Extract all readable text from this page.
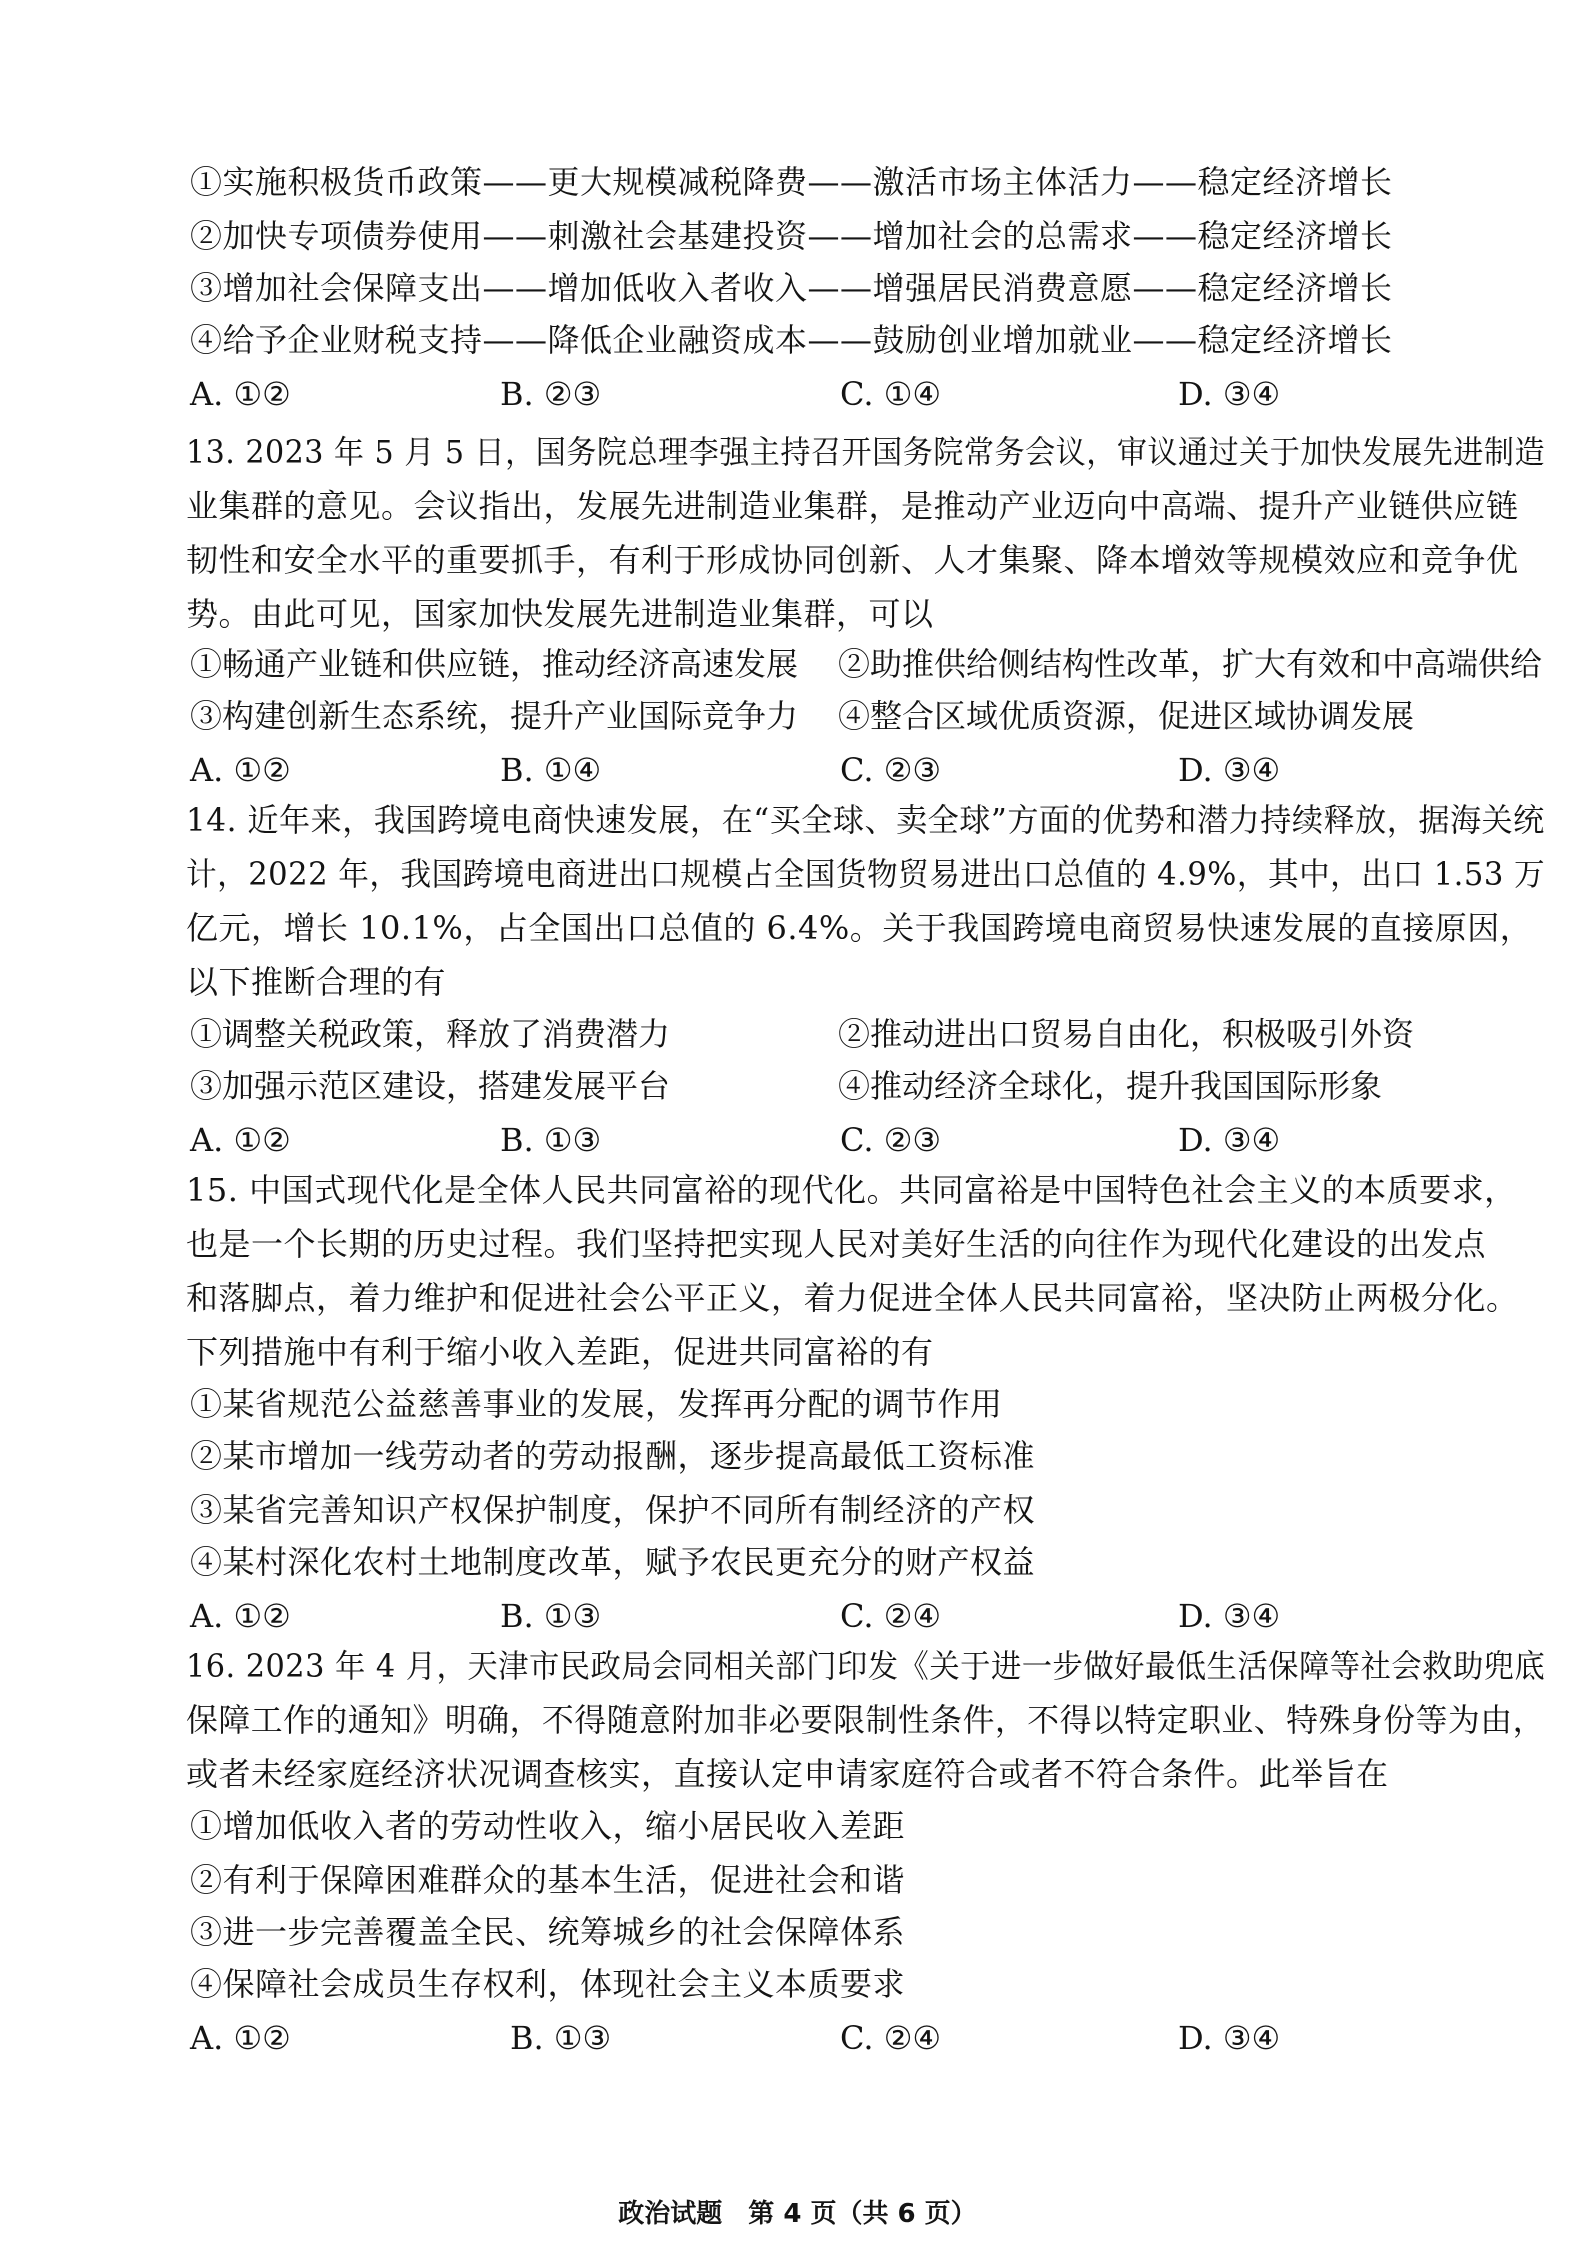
①实施积极货币政策——更大规模减税降费——激活市场主体活力——稳定经济增长
②加快专项债券使用——刺激社会基建投资——增加社会的总需求——稳定经济增长
③增加社会保障支出——增加低收入者收入——增强居民消费意愿——稳定经济增长
④给予企业财税支持——降低企业融资成本——鼓励创业增加就业——稳定经济增长
A. ①②	B. ②③	C. ①④	D. ③④
13. 2023 年 5 月 5 日，国务院总理李强主持召开国务院常务会议，审议通过关于加快发展先进制造
业集群的意见。会议指出，发展先进制造业集群，是推动产业迈向中高端、提升产业链供应链
韧性和安全水平的重要抓手，有利于形成协同创新、人才集聚、降本增效等规模效应和竞争优
势。由此可见，国家加快发展先进制造业集群，可以
①畅通产业链和供应链，推动经济高速发展 ②助推供给侧结构性改革，扩大有效和中高端供给
③构建创新生态系统，提升产业国际竞争力 ④整合区域优质资源，促进区域协调发展
A. ①②	B. ①④	C. ②③	D. ③④
14. 近年来，我国跨境电商快速发展，在“买全球、卖全球”方面的优势和潜力持续释放，据海关统
计，2022 年，我国跨境电商进出口规模占全国货物贸易进出口总值的 4.9%，其中，出口 1.53 万
亿元，增长 10.1%，占全国出口总值的 6.4%。关于我国跨境电商贸易快速发展的直接原因，
以下推断合理的有
①调整关税政策，释放了消费潜力	②推动进出口贸易自由化，积极吸引外资
③加强示范区建设，搭建发展平台	④推动经济全球化，提升我国国际形象
A. ①②	B. ①③	C. ②③	D. ③④
15. 中国式现代化是全体人民共同富裕的现代化。共同富裕是中国特色社会主义的本质要求，
也是一个长期的历史过程。我们坚持把实现人民对美好生活的向往作为现代化建设的出发点
和落脚点，着力维护和促进社会公平正义，着力促进全体人民共同富裕，坚决防止两极分化。
下列措施中有利于缩小收入差距，促进共同富裕的有
①某省规范公益慈善事业的发展，发挥再分配的调节作用
②某市增加一线劳动者的劳动报酬，逐步提高最低工资标准
③某省完善知识产权保护制度，保护不同所有制经济的产权
④某村深化农村土地制度改革，赋予农民更充分的财产权益
A. ①②	B. ①③	C. ②④	D. ③④
16. 2023 年 4 月，天津市民政局会同相关部门印发《关于进一步做好最低生活保障等社会救助兜底
保障工作的通知》明确，不得随意附加非必要限制性条件，不得以特定职业、特殊身份等为由，
或者未经家庭经济状况调查核实，直接认定申请家庭符合或者不符合条件。此举旨在
①增加低收入者的劳动性收入，缩小居民收入差距
②有利于保障困难群众的基本生活，促进社会和谐
③进一步完善覆盖全民、统筹城乡的社会保障体系
④保障社会成员生存权利，体现社会主义本质要求
A. ①②	B. ①③	C. ②④	D. ③④
政治试题　第 4 页（共 6 页）
